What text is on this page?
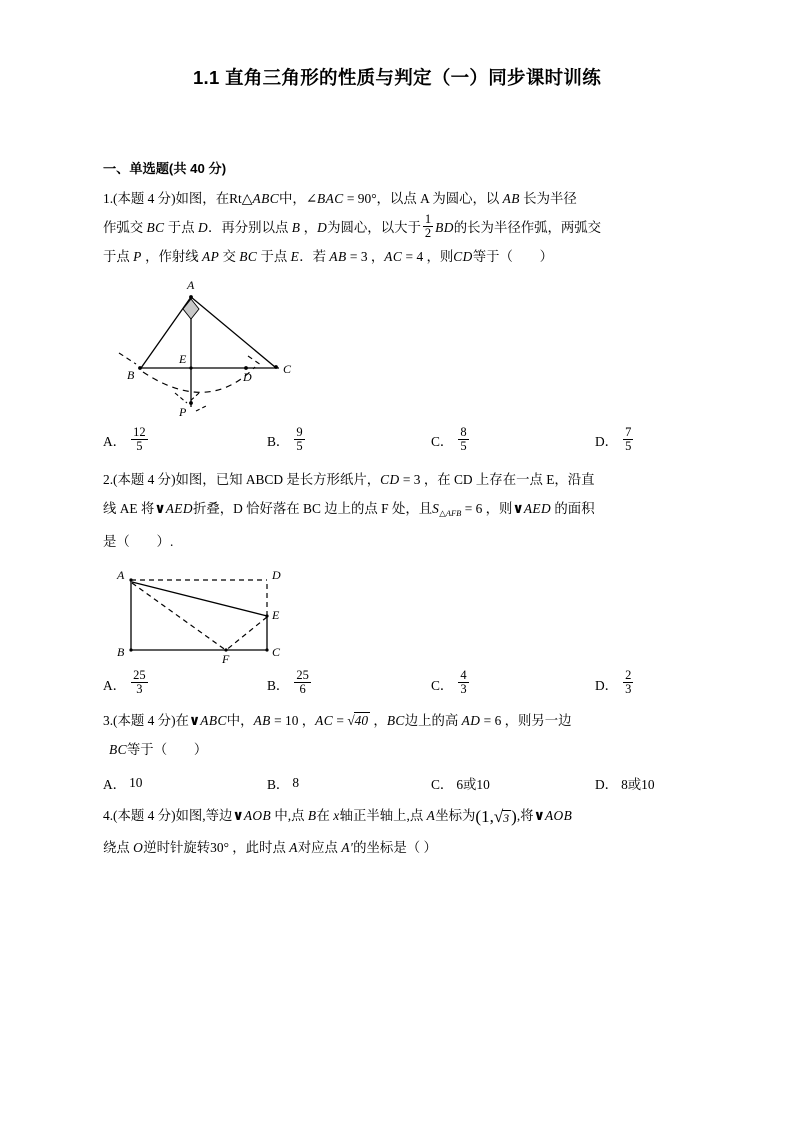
1.1 直角三角形的性质与判定（一）同步课时训练
一、单选题(共 40 分)
1.(本题 4 分)如图，在Rt△ABC中，∠BAC = 90°，以点 A 为圆心，以 AB 长为半径
作弧交 BC 于点 D．再分别以点 B ，D为圆心，以大于 $\frac{1}{2}$ BD的长为半径作弧，两弧交
于点 P ，作射线 AP 交 BC 于点 E．若 AB = 3 ，AC = 4 ，则CD等于（　　）
A
B	C
D
E
P
A． $\frac{12}{5}$	B． $\frac{9}{5}$	C． $\frac{8}{5}$	D． $\frac{7}{5}$
2.(本题 4 分)如图，已知 ABCD 是长方形纸片，CD = 3 ，在 CD 上存在一点 E，沿直
线 AE 将∨AED折叠，D 恰好落在 BC 边上的点 F 处，且$S_{\triangle AFB} = 6$ ，则∨AED 的面积
是（　　）.
A
B	C
D
E
F
A． $\frac{25}{3}$	B． $\frac{25}{6}$	C． $\frac{4}{3}$	D． $\frac{2}{3}$
3.(本题 4 分)在∨ABC中，AB = 10 ，AC = √40 ，BC边上的高 AD = 6 ，则另一边
BC等于（　　）
A． 10	B． 8	C． 6或10	D． 8或10
4.(本题 4 分)如图,等边∨AOB 中,点 B在 x轴正半轴上,点 A坐标为(1,√3 ),将∨AOB
绕点 O逆时针旋转30° ，此时点 A对应点 A'的坐标是（ ）
